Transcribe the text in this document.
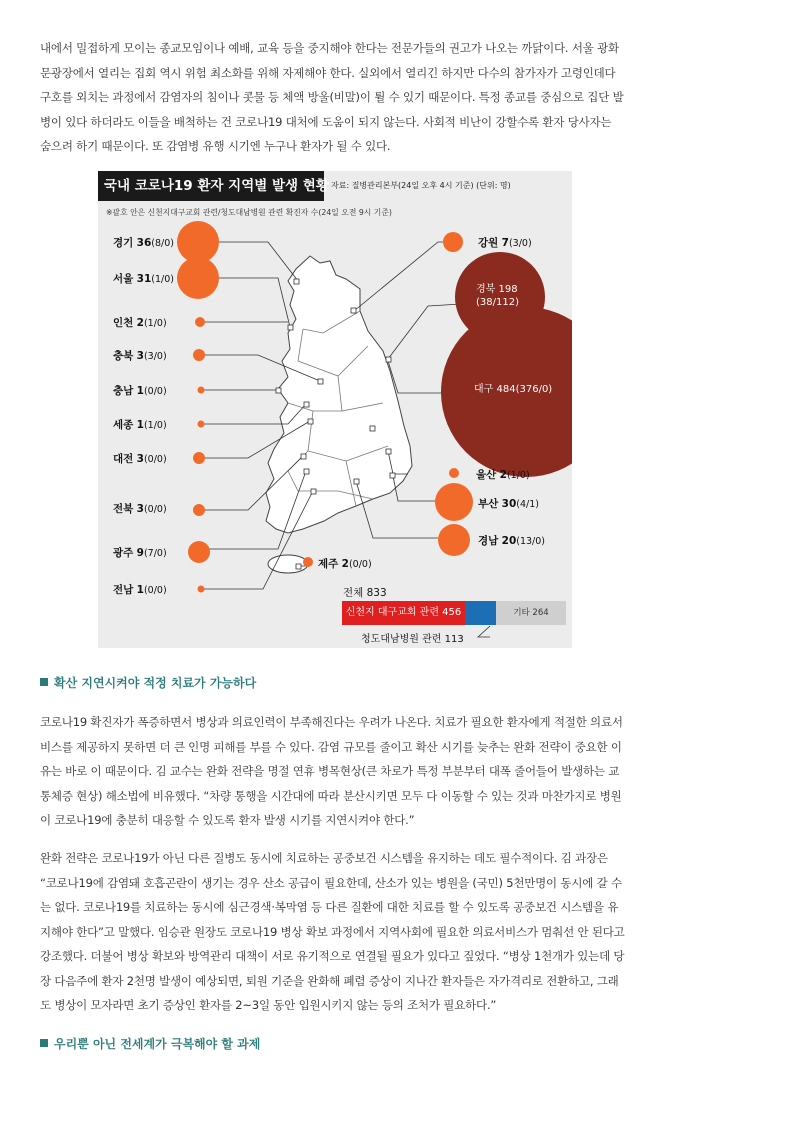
내에서 밀접하게 모이는 종교모임이나 예배, 교육 등을 중지해야 한다는 전문가들의 권고가 나오는 까닭이다. 서울 광화
문광장에서 열리는 집회 역시 위험 최소화를 위해 자제해야 한다. 실외에서 열리긴 하지만 다수의 참가자가 고령인데다
구호를 외치는 과정에서 감염자의 침이나 콧물 등 체액 방울(비말)이 튈 수 있기 때문이다. 특정 종교를 중심으로 집단 발
병이 있다 하더라도 이들을 배척하는 건 코로나19 대처에 도움이 되지 않는다. 사회적 비난이 강할수록 환자 당사자는
숨으려 하기 때문이다. 또 감염병 유행 시기엔 누구나 환자가 될 수 있다.
국내 코로나19 환자 지역별 발생 현황 자료: 질병관리본부(24일 오후 4시 기준) (단위: 명)
※괄호 안은 신천지대구교회 관련/청도대남병원 관련 확진자 수(24일 오전 9시 기준)
경기 36(8/0)
서울 31(1/0)
인천 2(1/0)
충북 3(3/0)
충남 1(0/0)
세종 1(1/0)
대전 3(0/0)
전북 3(0/0)
광주 9(7/0)
전남 1(0/0)
강원 7(3/0)
울산 2(1/0)
부산 30(4/1)
경남 20(13/0)
제주 2(0/0)
경북 198
(38/112)
대구 484(376/0)
전체 833
신천지 대구교회 관련 456	기타 264
청도대남병원 관련 113
확산 지연시켜야 적정 치료가 가능하다
코로나19 확진자가 폭증하면서 병상과 의료인력이 부족해진다는 우려가 나온다. 치료가 필요한 환자에게 적절한 의료서
비스를 제공하지 못하면 더 큰 인명 피해를 부를 수 있다. 감염 규모를 줄이고 확산 시기를 늦추는 완화 전략이 중요한 이
유는 바로 이 때문이다. 김 교수는 완화 전략을 명절 연휴 병목현상(큰 차로가 특정 부분부터 대폭 줄어들어 발생하는 교
통체증 현상) 해소법에 비유했다. “차량 통행을 시간대에 따라 분산시키면 모두 다 이동할 수 있는 것과 마찬가지로 병원
이 코로나19에 충분히 대응할 수 있도록 환자 발생 시기를 지연시켜야 한다.”
완화 전략은 코로나19가 아닌 다른 질병도 동시에 치료하는 공중보건 시스템을 유지하는 데도 필수적이다. 김 과장은
“코로나19에 감염돼 호흡곤란이 생기는 경우 산소 공급이 필요한데, 산소가 있는 병원을 (국민) 5천만명이 동시에 갈 수
는 없다. 코로나19를 치료하는 동시에 심근경색·복막염 등 다른 질환에 대한 치료를 할 수 있도록 공중보건 시스템을 유
지해야 한다”고 말했다. 임승관 원장도 코로나19 병상 확보 과정에서 지역사회에 필요한 의료서비스가 멈춰선 안 된다고
강조했다. 더불어 병상 확보와 방역관리 대책이 서로 유기적으로 연결될 필요가 있다고 짚었다. “병상 1천개가 있는데 당
장 다음주에 환자 2천명 발생이 예상되면, 퇴원 기준을 완화해 폐렴 증상이 지나간 환자들은 자가격리로 전환하고, 그래
도 병상이 모자라면 초기 증상인 환자를 2~3일 동안 입원시키지 않는 등의 조처가 필요하다.”
우리뿐 아닌 전세계가 극복해야 할 과제
